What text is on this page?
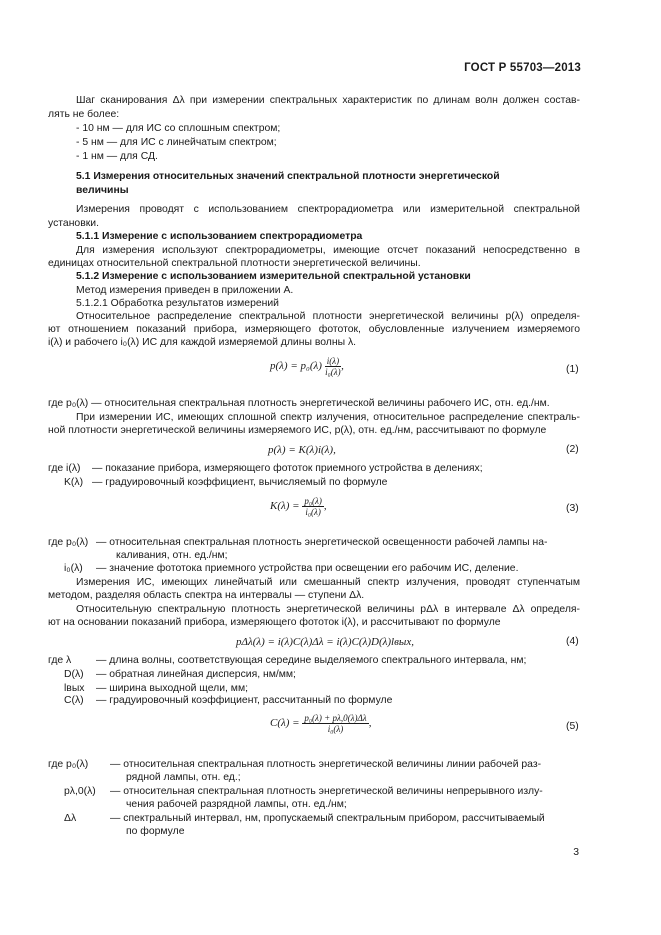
ГОСТ Р 55703—2013
Шаг сканирования Δλ при измерении спектральных характеристик по длинам волн должен состав-
лять не более:
- 10 нм — для ИС со сплошным спектром;
- 5 нм — для ИС с линейчатым спектром;
- 1 нм — для СД.
5.1 Измерения относительных значений спектральной плотности энергетической
величины
Измерения проводят с использованием спектрорадиометра или измерительной спектральной
установки.
5.1.1 Измерение с использованием спектрорадиометра
Для измерения используют спектрорадиометры, имеющие отсчет показаний непосредственно в
единицах относительной спектральной плотности энергетической величины.
5.1.2 Измерение с использованием измерительной спектральной установки
Метод измерения приведен в приложении А.
5.1.2.1 Обработка результатов измерений
Относительное распределение спектральной плотности энергетической величины p(λ) определя-
ют отношением показаний прибора, измеряющего фототок, обусловленные излучением измеряемого
i(λ) и рабочего i₀(λ) ИС для каждой измеряемой длины волны λ.
$p(\lambda) = p_0(\lambda) \frac{i(\lambda)}{\text{i₀(λ)}}$ ,	(1)
где p₀(λ) — относительная спектральная плотность энергетической величины рабочего ИС, отн. ед./нм.
При измерении ИС, имеющих сплошной спектр излучения, относительное распределение спектраль-
ной плотности энергетической величины измеряемого ИС, p(λ), отн. ед./нм, рассчитывают по формуле
p(λ) = K(λ)i(λ),	(2)
где i(λ) — показание прибора, измеряющего фототок приемного устройства в делениях;
K(λ) — градуировочный коэффициент, вычисляемый по формуле
$K(\lambda) = \frac{\text{p₀(λ)}}{\text{i₀(λ)}}$ ,	(3)
где p₀(λ) — относительная спектральная плотность энергетической освещенности рабочей лампы на-
каливания, отн. ед./нм;
i₀(λ) — значение фототока приемного устройства при освещении его рабочим ИС, деление.
Измерения ИС, имеющих линейчатый или смешанный спектр излучения, проводят ступенчатым
методом, разделяя область спектра на интервалы — ступени Δλ.
Относительную спектральную плотность энергетической величины pΔλ в интервале Δλ определя-
ют на основании показаний прибора, измеряющего фототок i(λ), и рассчитывают по формуле
pΔλ(λ) = i(λ)C(λ)Δλ = i(λ)C(λ)D(λ)lвых,	(4)
где λ — длина волны, соответствующая середине выделяемого спектрального интервала, нм;
D(λ) — обратная линейная дисперсия, нм/мм;
lвых — ширина выходной щели, мм;
C(λ) — градуировочный коэффициент, рассчитанный по формуле
$C(\lambda) = \frac{\text{p₀(λ) + pλ,0(λ)Δλ}}{\text{i₀(λ)}}$ ,	(5)
где p₀(λ) — относительная спектральная плотность энергетической величины линии рабочей раз-
рядной лампы, отн. ед.;
pλ,0(λ) — относительная спектральная плотность энергетической величины непрерывного излу-
чения рабочей разрядной лампы, отн. ед./нм;
Δλ	— спектральный интервал, нм, пропускаемый спектральным прибором, рассчитываемый
по формуле
3
